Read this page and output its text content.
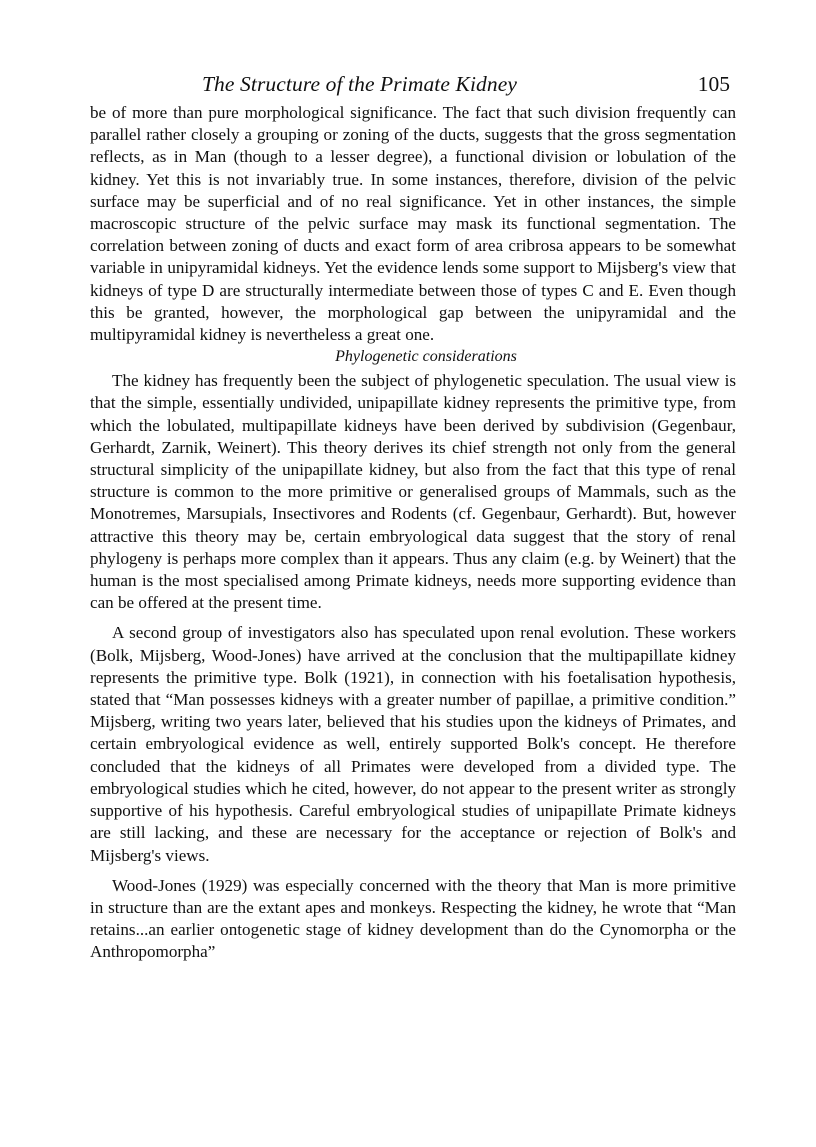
The Structure of the Primate Kidney	105

be of more than pure morphological significance. The fact that such division frequently can parallel rather closely a grouping or zoning of the ducts, suggests that the gross segmentation reflects, as in Man (though to a lesser degree), a functional division or lobulation of the kidney. Yet this is not invariably true. In some instances, therefore, division of the pelvic surface may be superficial and of no real significance. Yet in other instances, the simple macroscopic structure of the pelvic surface may mask its functional segmentation. The correlation between zoning of ducts and exact form of area cribrosa appears to be somewhat variable in unipyramidal kidneys. Yet the evidence lends some support to Mijsberg's view that kidneys of type D are structurally intermediate between those of types C and E. Even though this be granted, however, the morphological gap between the unipyramidal and the multipyramidal kidney is nevertheless a great one.

Phylogenetic considerations

The kidney has frequently been the subject of phylogenetic speculation. The usual view is that the simple, essentially undivided, unipapillate kidney represents the primitive type, from which the lobulated, multipapillate kidneys have been derived by subdivision (Gegenbaur, Gerhardt, Zarnik, Weinert). This theory derives its chief strength not only from the general structural simplicity of the unipapillate kidney, but also from the fact that this type of renal structure is common to the more primitive or generalised groups of Mammals, such as the Monotremes, Marsupials, Insectivores and Rodents (cf. Gegenbaur, Gerhardt). But, however attractive this theory may be, certain embryological data suggest that the story of renal phylogeny is perhaps more complex than it appears. Thus any claim (e.g. by Weinert) that the human is the most specialised among Primate kidneys, needs more supporting evidence than can be offered at the present time.

A second group of investigators also has speculated upon renal evolution. These workers (Bolk, Mijsberg, Wood-Jones) have arrived at the conclusion that the multipapillate kidney represents the primitive type. Bolk (1921), in connection with his foetalisation hypothesis, stated that “Man possesses kidneys with a greater number of papillae, a primitive condition.” Mijsberg, writing two years later, believed that his studies upon the kidneys of Primates, and certain embryological evidence as well, entirely supported Bolk's concept. He therefore concluded that the kidneys of all Primates were developed from a divided type. The embryological studies which he cited, however, do not appear to the present writer as strongly supportive of his hypothesis. Careful embryological studies of unipapillate Primate kidneys are still lacking, and these are necessary for the acceptance or rejection of Bolk's and Mijsberg's views.

Wood-Jones (1929) was especially concerned with the theory that Man is more primitive in structure than are the extant apes and monkeys. Respecting the kidney, he wrote that “Man retains...an earlier ontogenetic stage of kidney development than do the Cynomorpha or the Anthropomorpha”
